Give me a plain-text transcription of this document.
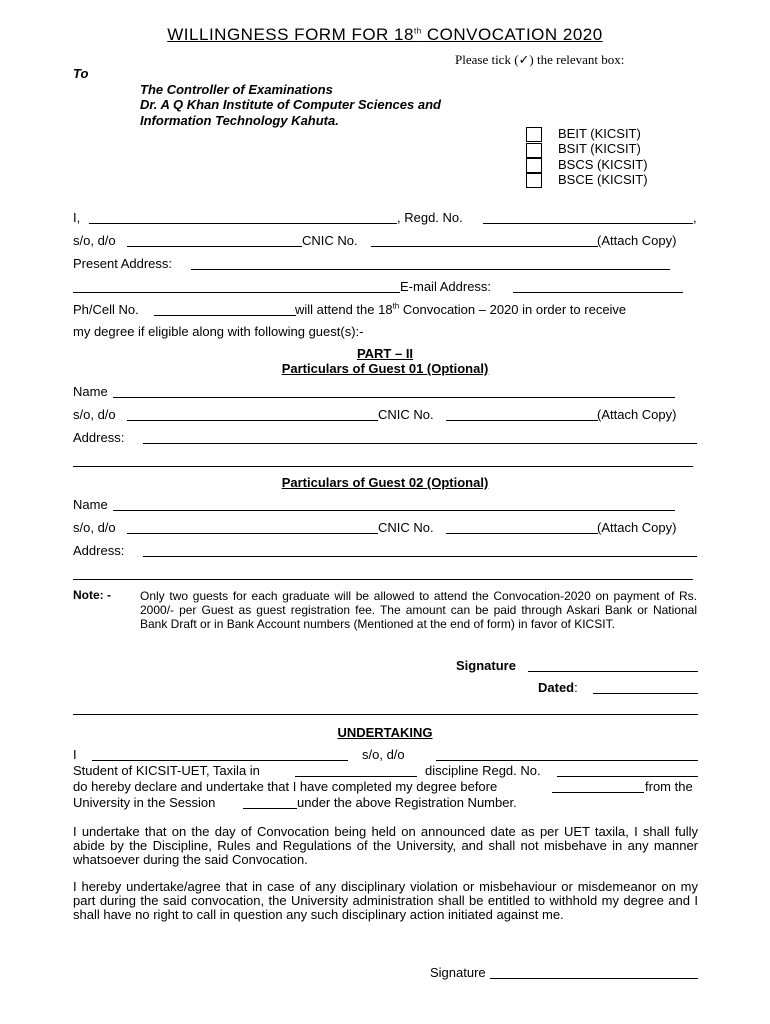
WILLINGNESS FORM FOR 18th CONVOCATION 2020
Please tick (✓) the relevant box:
To
The Controller of Examinations
Dr. A Q Khan Institute of Computer Sciences and
Information Technology Kahuta.
BEIT (KICSIT)
BSIT (KICSIT)
BSCS (KICSIT)
BSCE (KICSIT)
I,	, Regd. No.	,
s/o, d/o	CNIC No.	(Attach Copy)
Present Address:
E-mail Address:
Ph/Cell No.	will attend the 18th Convocation – 2020 in order to receive
my degree if eligible along with following guest(s):-
PART – II
Particulars of Guest 01 (Optional)
Name
s/o, d/o	CNIC No.	(Attach Copy)
Address:
Particulars of Guest 02 (Optional)
Name
s/o, d/o	CNIC No.	(Attach Copy)
Address:
Note: - Only two guests for each graduate will be allowed to attend the Convocation-2020 on payment of Rs. 2000/- per Guest as guest registration fee. The amount can be paid through Askari Bank or National Bank Draft or in Bank Account numbers (Mentioned at the end of form) in favor of KICSIT.
Signature
Dated:
UNDERTAKING
I	s/o, d/o
Student of KICSIT-UET, Taxila in	discipline Regd. No.
do hereby declare and undertake that I have completed my degree before	from the
University in the Session	under the above Registration Number.
I undertake that on the day of Convocation being held on announced date as per UET taxila, I shall fully abide by the Discipline, Rules and Regulations of the University, and shall not misbehave in any manner whatsoever during the said Convocation.
I hereby undertake/agree that in case of any disciplinary violation or misbehaviour or misdemeanor on my part during the said convocation, the University administration shall be entitled to withhold my degree and I shall have no right to call in question any such disciplinary action initiated against me.
Signature
